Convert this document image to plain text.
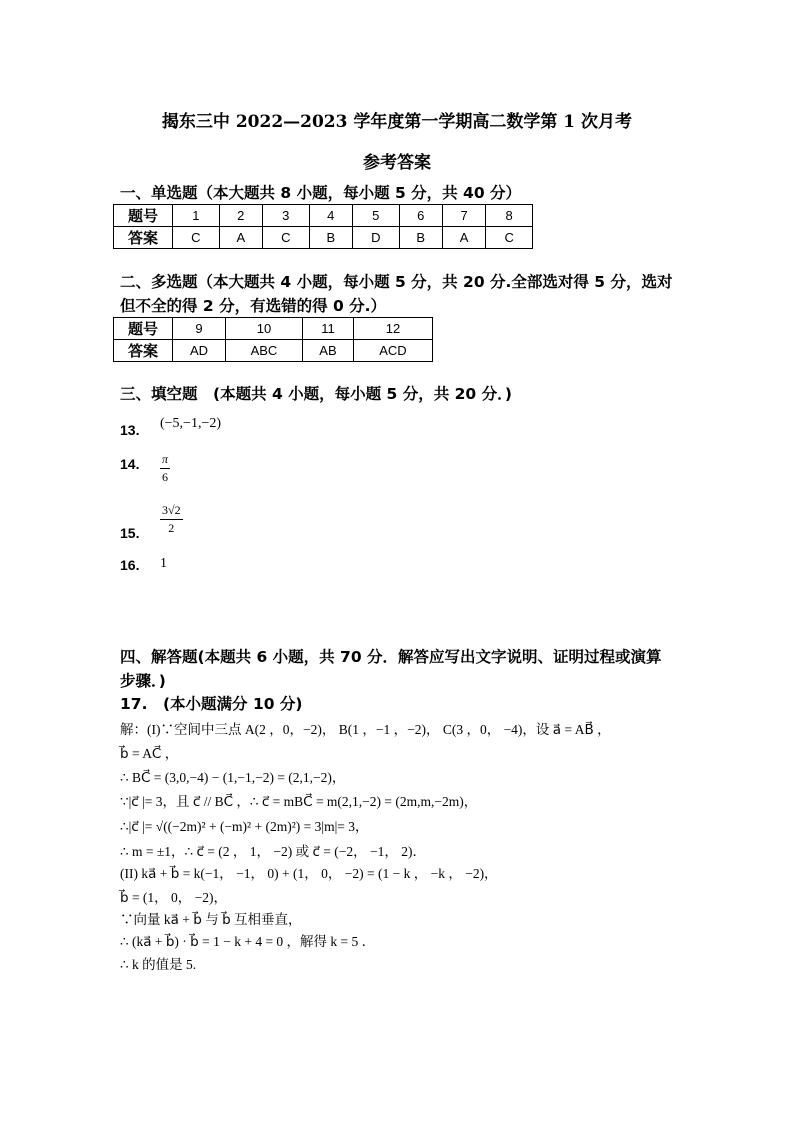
揭东三中 2022—2023 学年度第一学期高二数学第 1 次月考
参考答案
一、单选题（本大题共 8 小题，每小题 5 分，共 40 分）
题号	1	2	3	4	5	6	7	8
答案	C	A	C	B	D	B	A	C
二、多选题（本大题共 4 小题，每小题 5 分，共 20 分.全部选对得 5 分，选对
但不全的得 2 分，有选错的得 0 分.）
题号	9	10	11	12
答案	AD	ABC	AB	ACD
三、填空题　(本题共 4 小题，每小题 5 分，共 20 分．)
13. (−5,−1,−2)
14. $\frac{\pi}{6}$
15. $\frac{3√2}{2}$
16. 1
四、解答题(本题共 6 小题，共 70 分．解答应写出文字说明、证明过程或演算
步骤．)
17.　(本小题满分 10 分)
解：(I)∵空间中三点 A(2 ，0，−2)， B(1 ，−1 ，−2)， C(3 ，0， −4)，设 a⃗ = AB⃗ ，
b⃗ = AC⃗ ，
∴ BC⃗ = (3,0,−4) − (1,−1,−2) = (2,1,−2)，
∵|c⃗ |= 3，且 c⃗ // BC⃗ ，∴ c⃗ = mBC⃗ = m(2,1,−2) = (2m,m,−2m)，
∴|c⃗ |= √((−2m)² + (−m)² + (2m)²) = 3|m|= 3，
∴ m = ±1，∴ c⃗ = (2 ， 1， −2) 或 c⃗ = (−2， −1， 2)．
(II) ka⃗ + b⃗ = k(−1， −1， 0) + (1， 0， −2) = (1 − k ， −k ， −2)，
b⃗ = (1， 0， −2)，
∵向量 ka⃗ + b⃗ 与 b⃗ 互相垂直，
∴ (ka⃗ + b⃗) · b⃗ = 1 − k + 4 = 0 ，解得 k = 5 ．
∴ k 的值是 5.
